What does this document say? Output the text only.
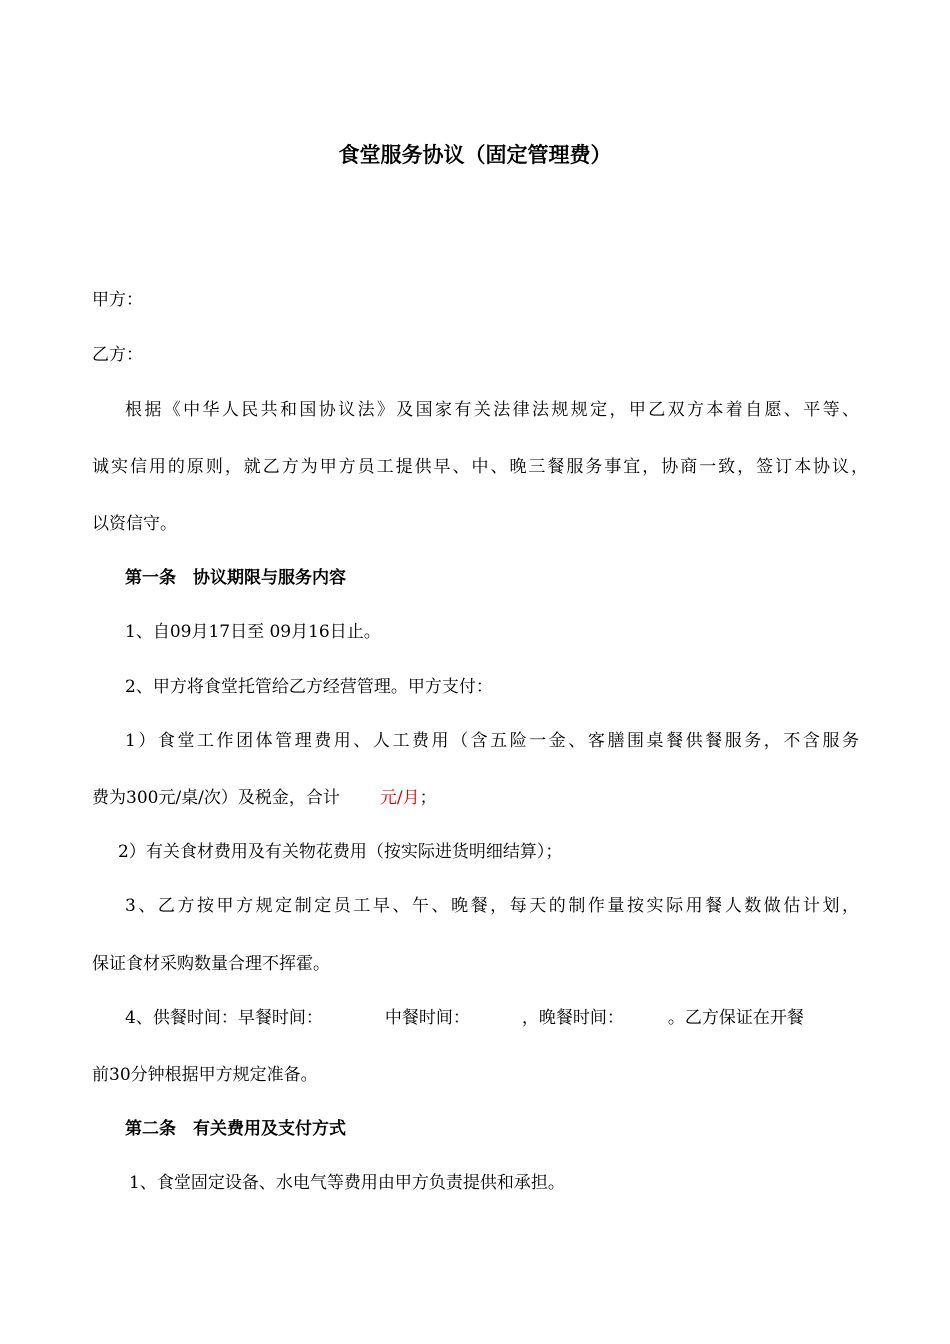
食堂服务协议（固定管理费）
甲方：
乙方：
根据《中华人民共和国协议法》及国家有关法律法规规定，甲乙双方本着自愿、平等、
诚实信用的原则，就乙方为甲方员工提供早、中、晚三餐服务事宜，协商一致，签订本协议，
以资信守。
第一条　协议期限与服务内容
1、自09月17日至 09月16日止。
2、甲方将食堂托管给乙方经营管理。甲方支付：
1）食堂工作团体管理费用、人工费用（含五险一金、客膳围桌餐供餐服务，不含服务
费为300元/桌/次）及税金，合计 元/月；
2）有关食材费用及有关物花费用（按实际进货明细结算）；
3、乙方按甲方规定制定员工早、午、晚餐，每天的制作量按实际用餐人数做估计划，
保证食材采购数量合理不挥霍。
4、供餐时间：早餐时间：	中餐时间：	，晚餐时间：	。乙方保证在开餐
前30分钟根据甲方规定准备。
第二条　有关费用及支付方式
1、食堂固定设备、水电气等费用由甲方负责提供和承担。
